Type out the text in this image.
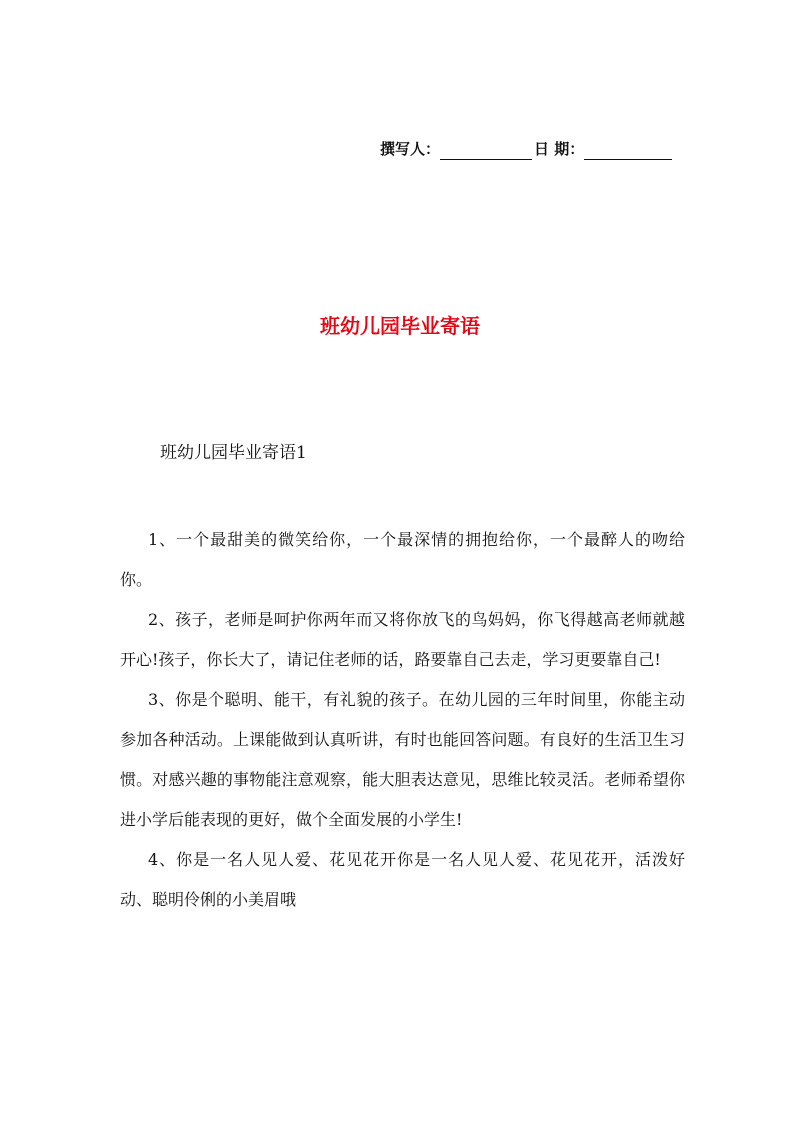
撰写人：	日 期：
班幼儿园毕业寄语
班幼儿园毕业寄语1

1、一个最甜美的微笑给你，一个最深情的拥抱给你，一个最醉人的吻给你。

2、孩子，老师是呵护你两年而又将你放飞的鸟妈妈，你飞得越高老师就越开心!孩子，你长大了，请记住老师的话，路要靠自己去走，学习更要靠自己!

3、你是个聪明、能干，有礼貌的孩子。在幼儿园的三年时间里，你能主动参加各种活动。上课能做到认真听讲，有时也能回答问题。有良好的生活卫生习惯。对感兴趣的事物能注意观察，能大胆表达意见，思维比较灵活。老师希望你进小学后能表现的更好，做个全面发展的小学生!

4、你是一名人见人爱、花见花开你是一名人见人爱、花见花开，活泼好动、聪明伶俐的小美眉哦
